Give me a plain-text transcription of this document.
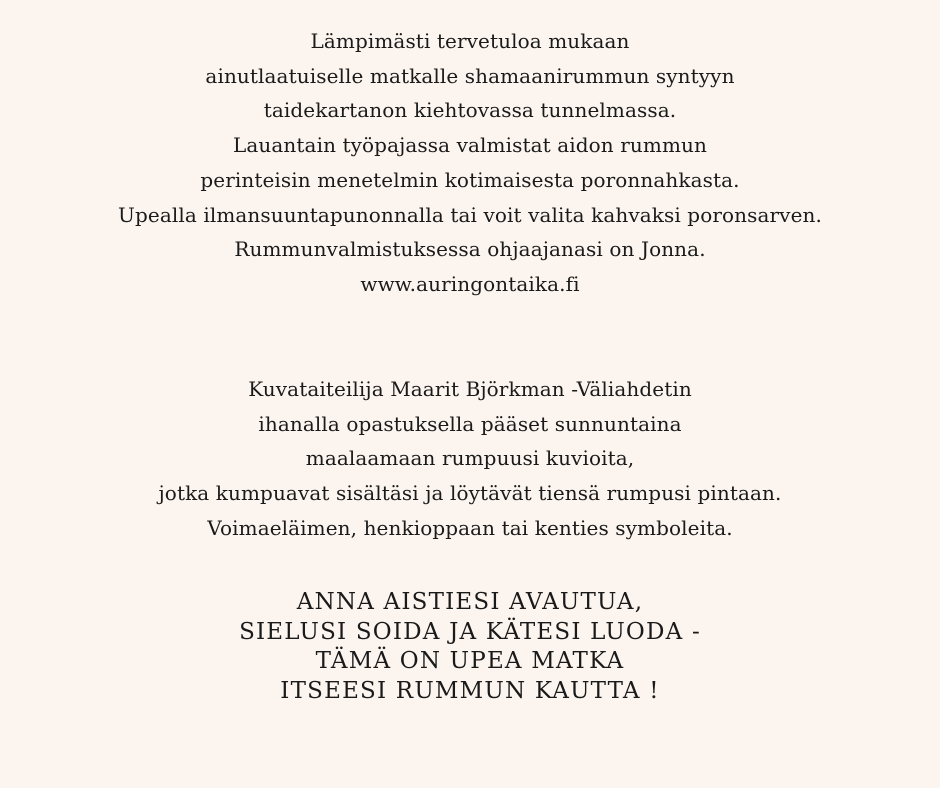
Lämpimästi tervetuloa mukaan
ainutlaatuiselle matkalle shamaanirummun syntyyn
taidekartanon kiehtovassa tunnelmassa.
Lauantain työpajassa valmistat aidon rummun
perinteisin menetelmin kotimaisesta poronnahkasta.
Upealla ilmansuuntapunonnalla tai voit valita kahvaksi poronsarven.
Rummunvalmistuksessa ohjaajanasi on Jonna.
www.auringontaika.fi
Kuvataiteilija Maarit Björkman -Väliahdetin
ihanalla opastuksella pääset sunnuntaina
maalaamaan rumpuusi kuvioita,
jotka kumpuavat sisältäsi ja löytävät tiensä rumpusi pintaan.
Voimaeläimen, henkioppaan tai kenties symboleita.
ANNA AISTIESI AVAUTUA,
SIELUSI SOIDA JA KÄTESI LUODA -
TÄMÄ ON UPEA MATKA
ITSEESI RUMMUN KAUTTA !
